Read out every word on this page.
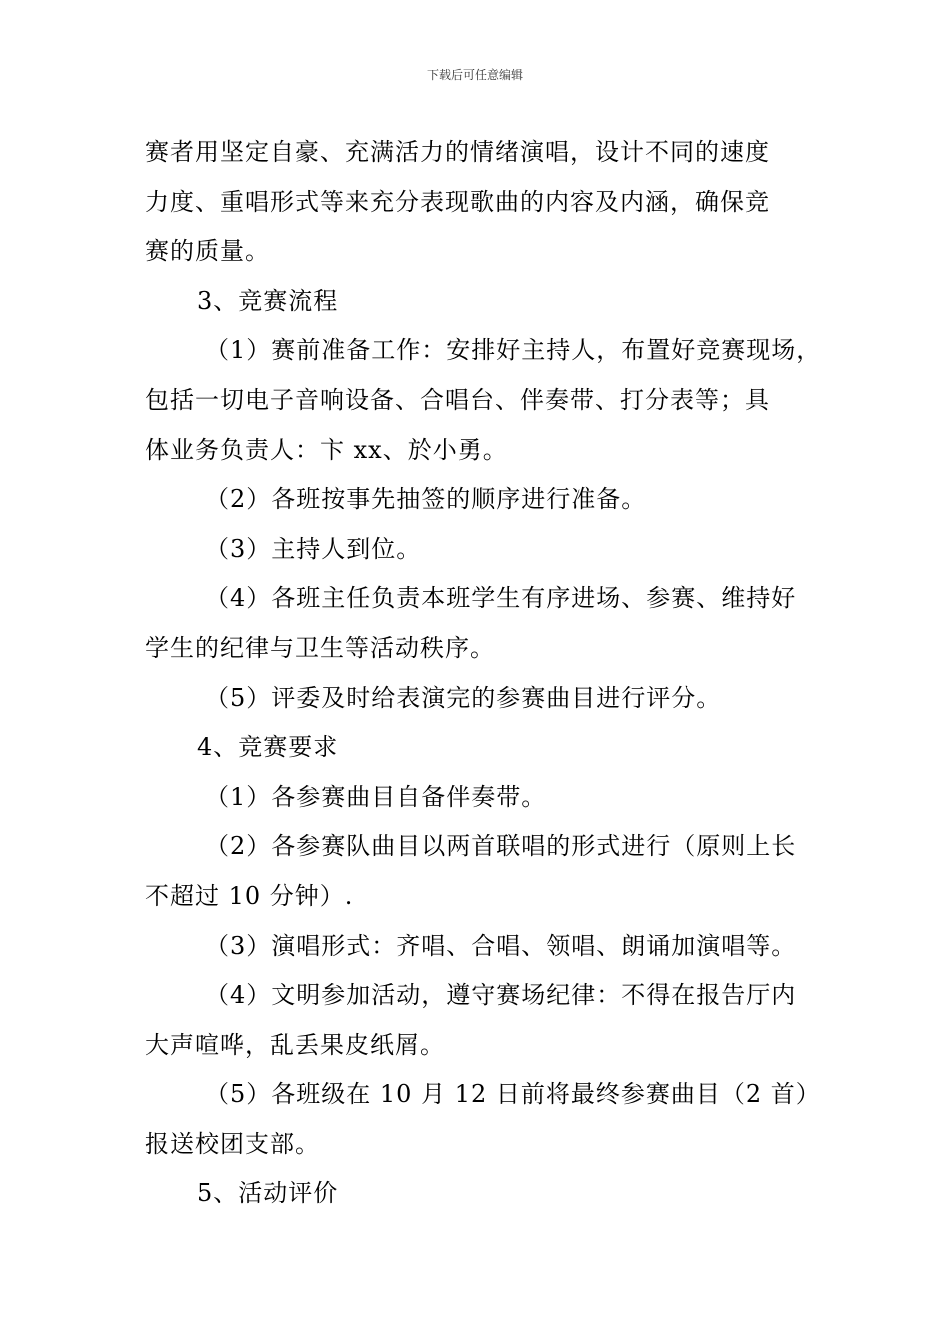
下载后可任意编辑
赛者用坚定自豪、充满活力的情绪演唱，设计不同的速度
力度、重唱形式等来充分表现歌曲的内容及内涵，确保竞
赛的质量。
3、竞赛流程
（1）赛前准备工作：安排好主持人，布置好竞赛现场，
包括一切电子音响设备、合唱台、伴奏带、打分表等；具
体业务负责人：卞 xx、於小勇。
（2）各班按事先抽签的顺序进行准备。
（3）主持人到位。
（4）各班主任负责本班学生有序进场、参赛、维持好
学生的纪律与卫生等活动秩序。
（5）评委及时给表演完的参赛曲目进行评分。
4、竞赛要求
（1）各参赛曲目自备伴奏带。
（2）各参赛队曲目以两首联唱的形式进行（原则上长
不超过 10 分钟）.
（3）演唱形式：齐唱、合唱、领唱、朗诵加演唱等。
（4）文明参加活动，遵守赛场纪律：不得在报告厅内
大声喧哗，乱丢果皮纸屑。
（5）各班级在 10 月 12 日前将最终参赛曲目（2 首）
报送校团支部。
5、活动评价
